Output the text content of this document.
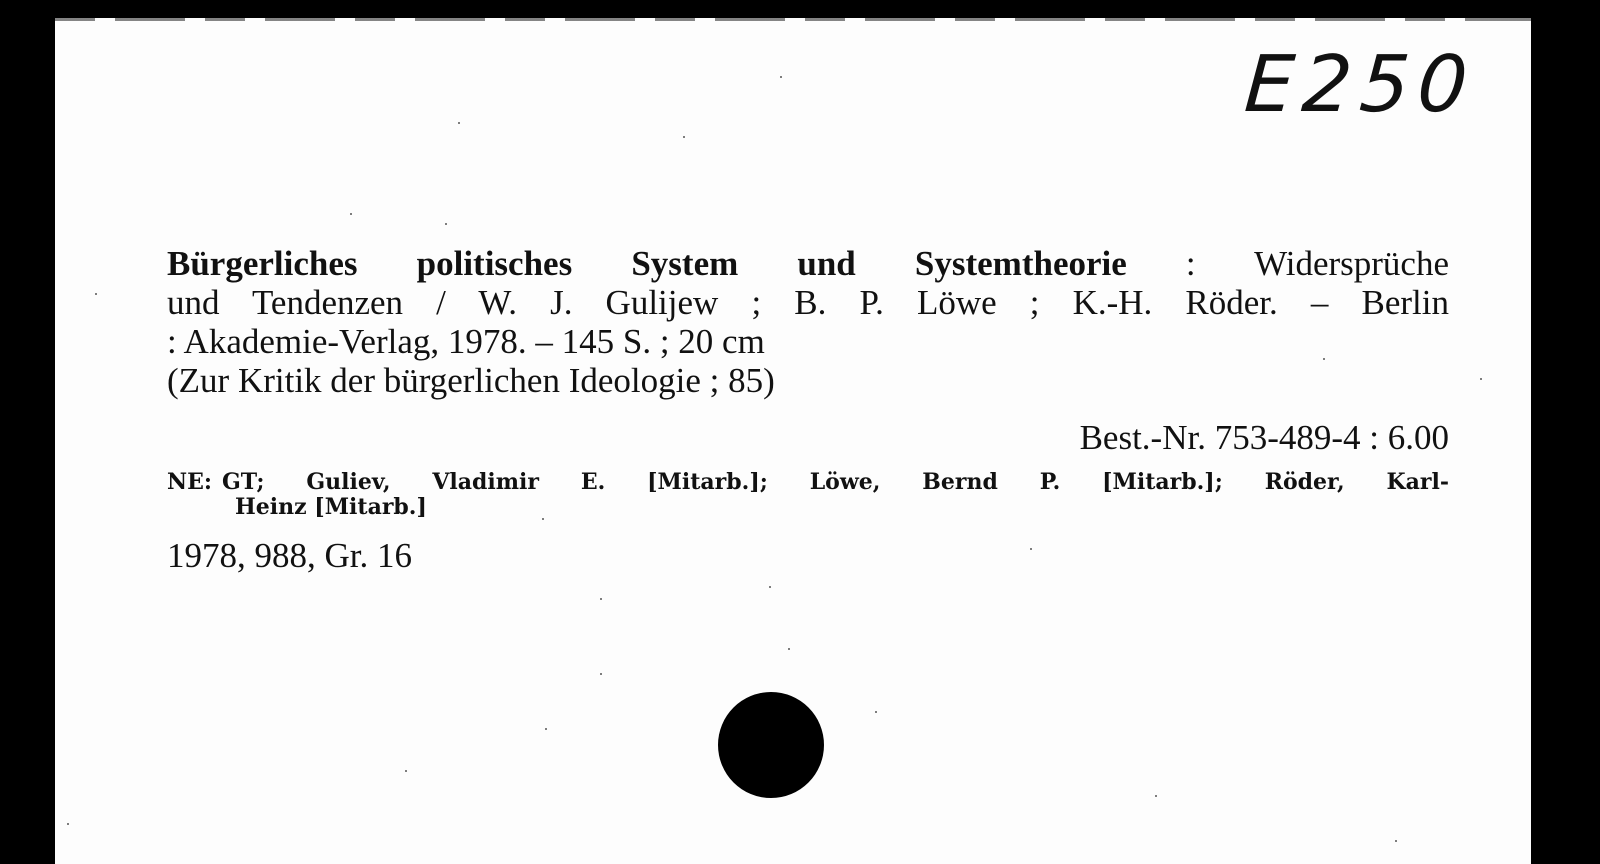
E250
Bürgerliches politisches System und Systemtheorie : Widersprüche
und Tendenzen / W. J. Gulijew ; B. P. Löwe ; K.-H. Röder. – Berlin
: Akademie-Verlag, 1978. – 145 S. ; 20 cm
(Zur Kritik der bürgerlichen Ideologie ; 85)
Best.-Nr. 753-489-4 : 6.00
NE: GT; Guliev, Vladimir E. [Mitarb.]; Löwe, Bernd P. [Mitarb.]; Röder, Karl-
Heinz [Mitarb.]
1978, 988, Gr. 16
